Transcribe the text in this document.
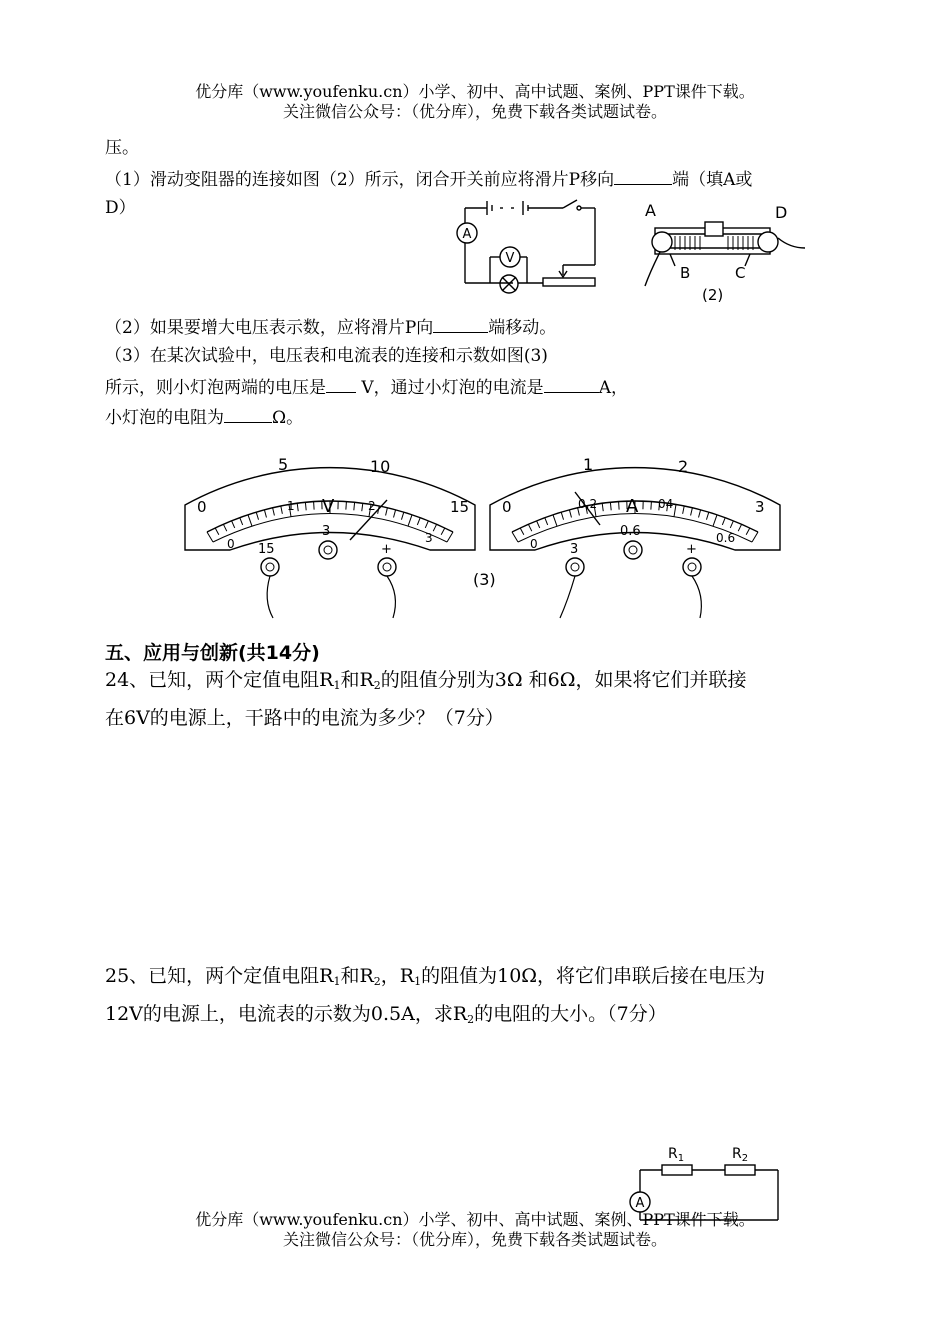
优分库（www.youfenku.cn）小学、初中、高中试题、案例、PPT课件下载。
关注微信公众号：（优分库），免费下载各类试题试卷。
压。
（1）滑动变阻器的连接如图（2）所示，闭合开关前应将滑片P移向	端（填A或
D）
A
V
A	D
B	C
(2)
（2）如果要增大电压表示数，应将滑片P向	端移动。
（3）在某次试验中，电压表和电流表的连接和示数如图(3)
所示，则小灯泡两端的电压是 V，通过小灯泡的电流是	A，
小灯泡的电阻为	Ω。
0
5	10
15
1	2
3
0
V
15
3
+
(3)
0
1	2
3
0.2	04
0.6
0
A
3
0.6
+
五、应用与创新(共14分)
24、已知，两个定值电阻$R_1$和$R_2$的阻值分别为3Ω 和6Ω，如果将它们并联接
在6V的电源上，干路中的电流为多少？（7分）
25、已知，两个定值电阻$R_1$和$R_2$，$R_1$的阻值为10Ω，将它们串联后接在电压为
12V的电源上，电流表的示数为0.5A，求$R_2$的电阻的大小。（7分）
$R_1$	$R_2$
A
优分库（www.youfenku.cn）小学、初中、高中试题、案例、PPT课件下载。
关注微信公众号：（优分库），免费下载各类试题试卷。
